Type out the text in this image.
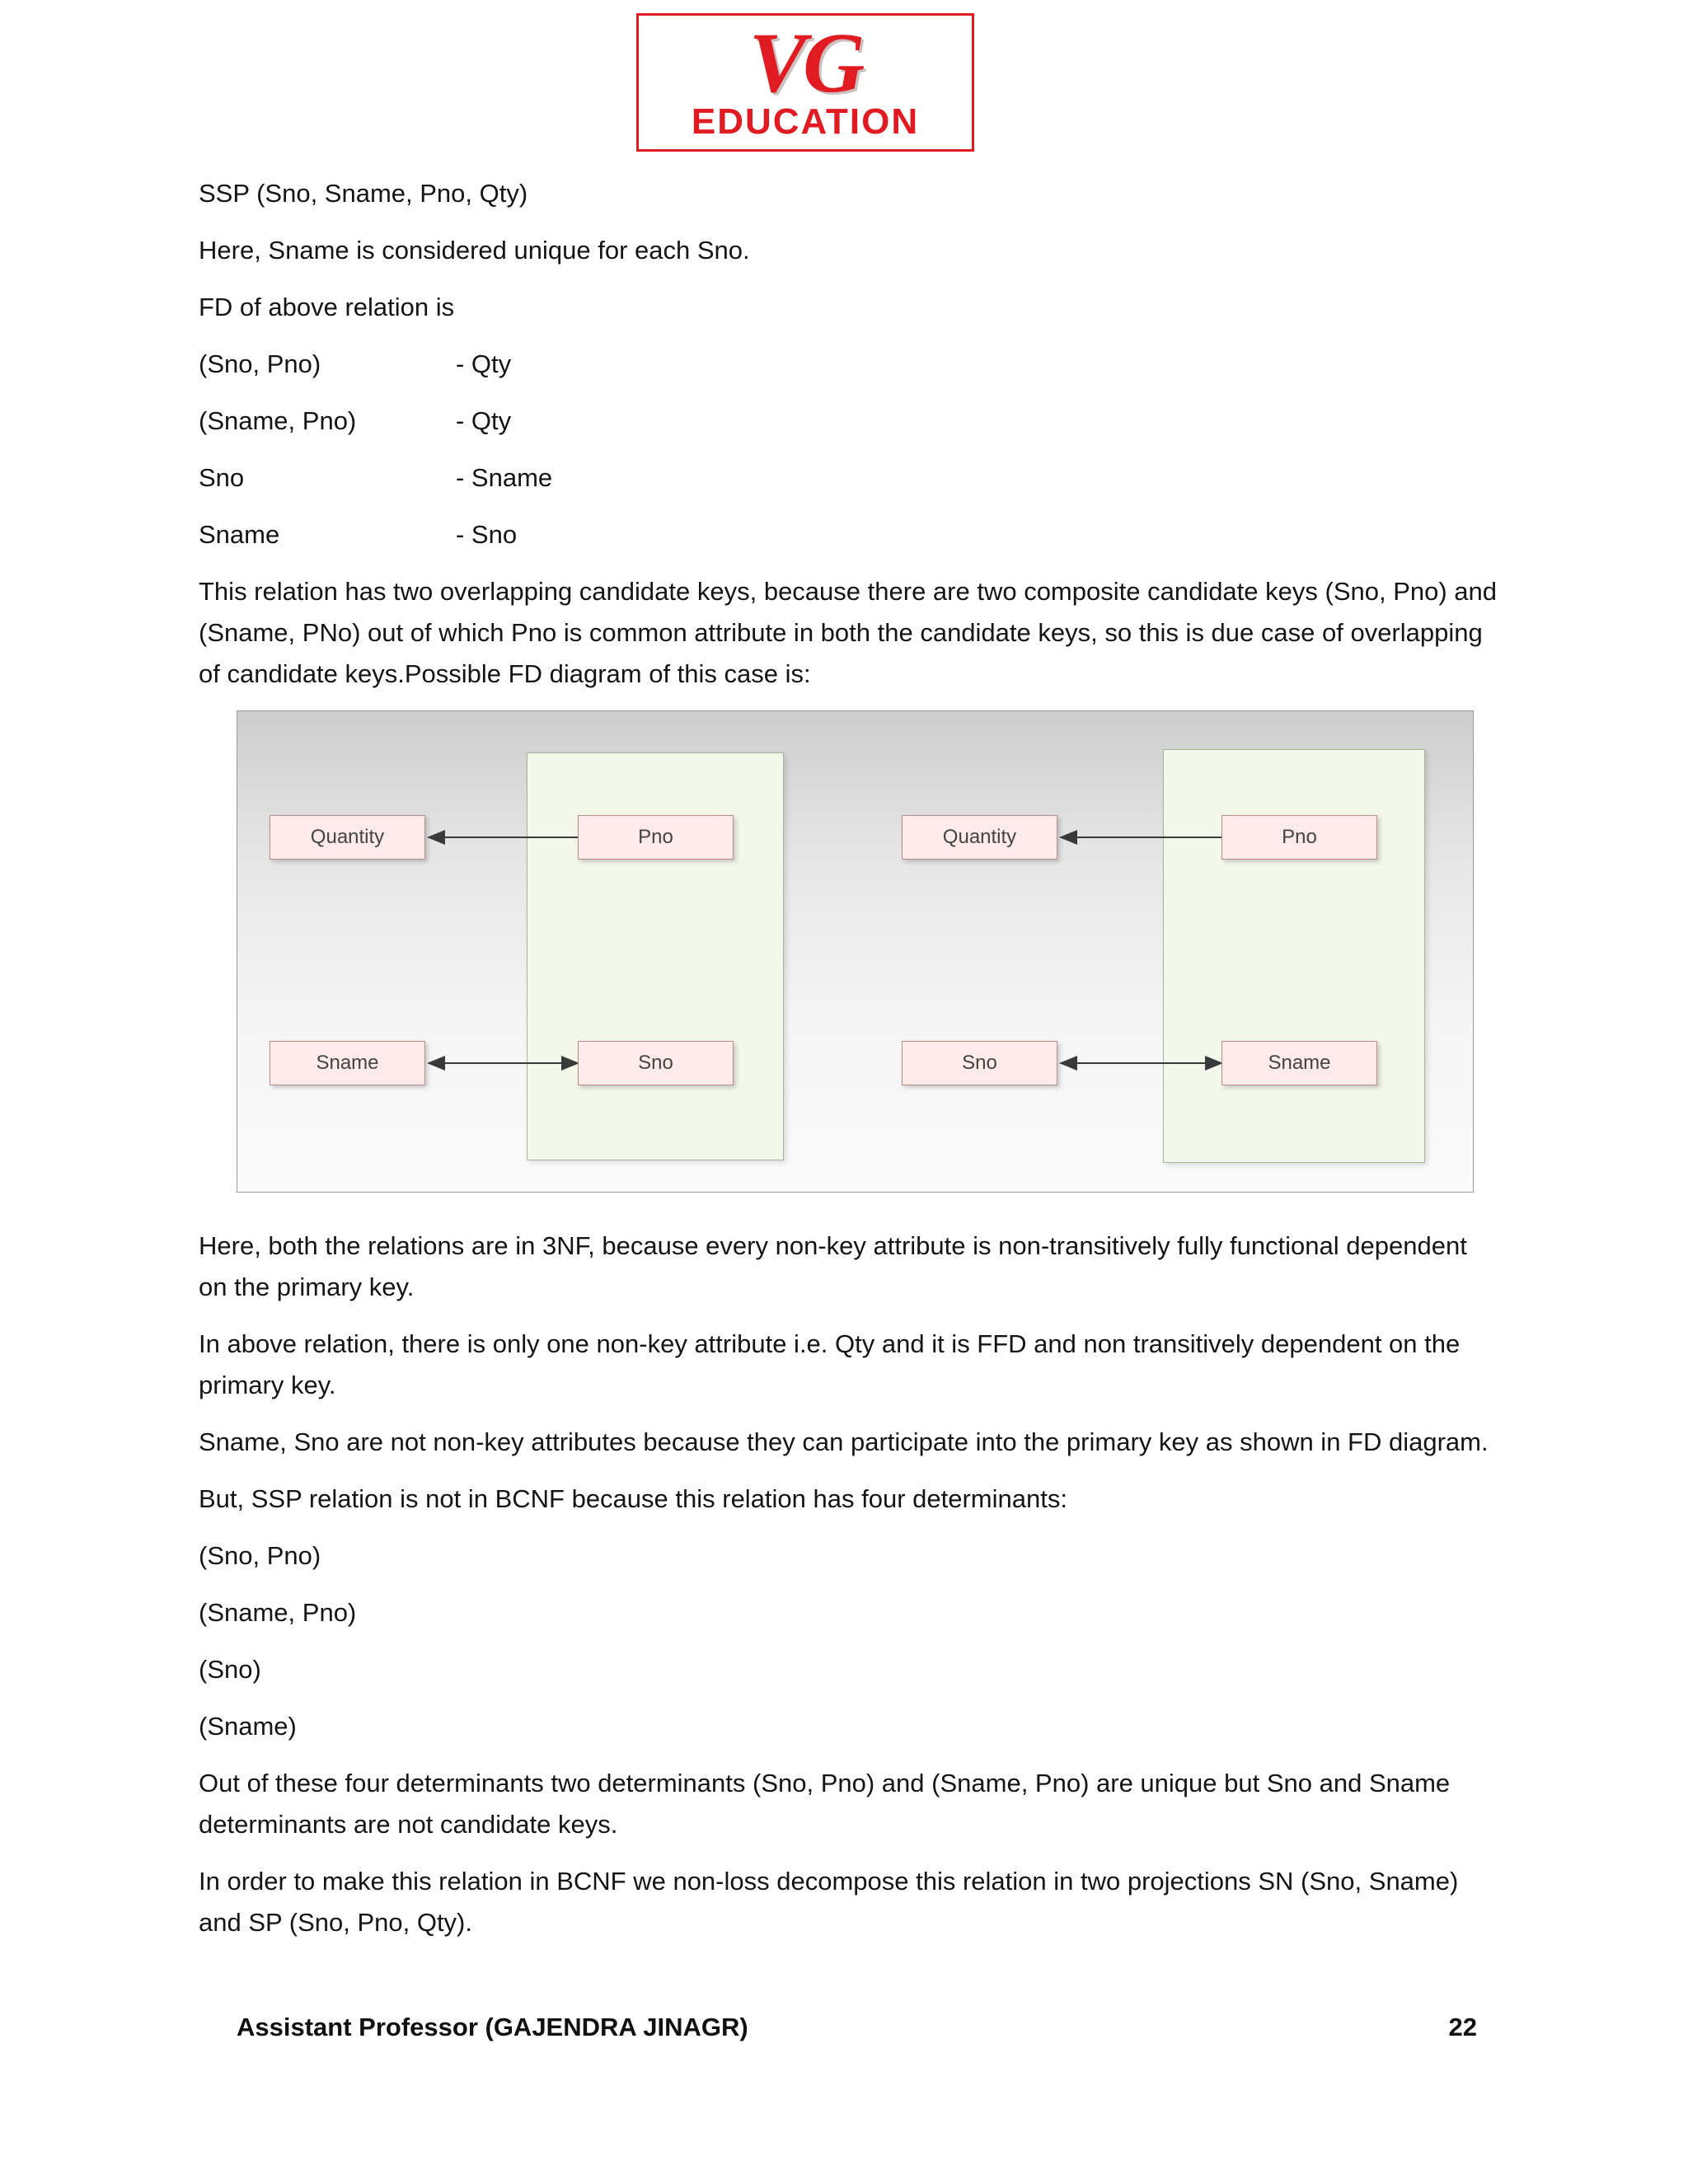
VG
EDUCATION
SSP (Sno, Sname, Pno, Qty)
Here, Sname is considered unique for each Sno.
FD of above relation is
(Sno, Pno)	- Qty
(Sname, Pno)	- Qty
Sno	- Sname
Sname	- Sno
This relation has two overlapping candidate keys, because there are two composite candidate keys (Sno, Pno) and (Sname, PNo) out of which Pno is common attribute in both the candidate keys, so this is due case of overlapping of candidate keys.Possible FD diagram of this case is:
Quantity	Pno
Sname	Sno
Quantity	Pno
Sno	Sname
Here, both the relations are in 3NF, because every non-key attribute is non-transitively fully functional dependent on the primary key.
In above relation, there is only one non-key attribute i.e. Qty and it is FFD and non transitively dependent on the primary key.
Sname, Sno are not non-key attributes because they can participate into the primary key as shown in FD diagram.
But, SSP relation is not in BCNF because this relation has four determinants:
(Sno, Pno)
(Sname, Pno)
(Sno)
(Sname)
Out of these four determinants two determinants (Sno, Pno) and (Sname, Pno) are unique but Sno and Sname determinants are not candidate keys.
In order to make this relation in BCNF we non-loss decompose this relation in two projections SN (Sno, Sname) and SP (Sno, Pno, Qty).
Assistant Professor (GAJENDRA JINAGR)	22
